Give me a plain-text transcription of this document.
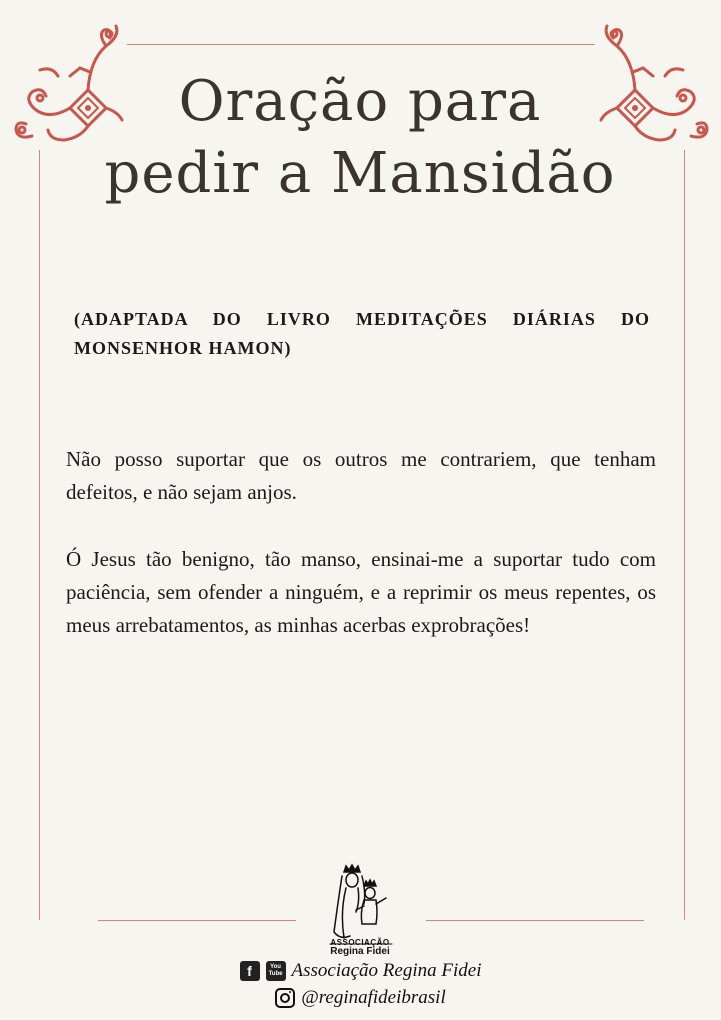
Oração para
pedir a Mansidão

(ADAPTADA DO LIVRO MEDITAÇÕES DIÁRIAS DO MONSENHOR HAMON)

Não posso suportar que os outros me contrariem, que tenham defeitos, e não sejam anjos.

Ó Jesus tão benigno, tão manso, ensinai-me a suportar tudo com paciência, sem ofender a ninguém, e a reprimir os meus repentes, os meus arrebatamentos, as minhas acerbas exprobrações!

ASSOCIAÇÃO

Regina Fidei

f	You
Tube Associação Regina Fidei
@reginafideibrasil
